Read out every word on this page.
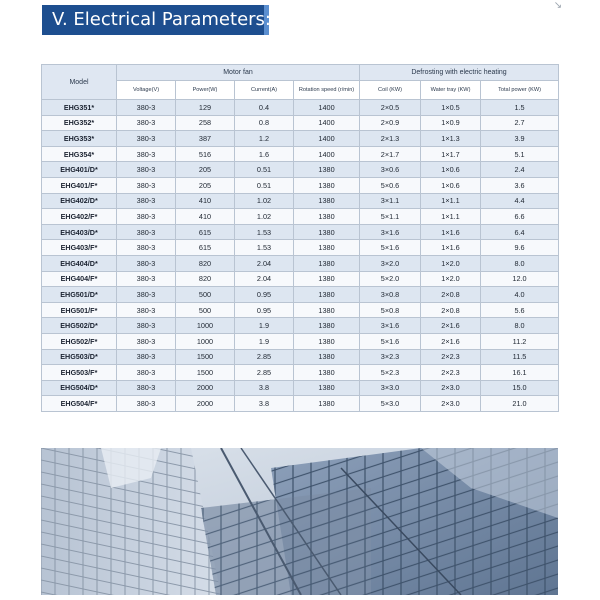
V. Electrical Parameters:
↘
Model	Motor fan				Defrosting with electric heating		
	Voltage(V)	Power(W)	Current(A)	Rotation speed (r/min)	Coil (KW)	Water tray (KW)	Total power (KW)
EHG351*	380-3	129	0.4	1400	2×0.5	1×0.5	1.5
EHG352*	380-3	258	0.8	1400	2×0.9	1×0.9	2.7
EHG353*	380-3	387	1.2	1400	2×1.3	1×1.3	3.9
EHG354*	380-3	516	1.6	1400	2×1.7	1×1.7	5.1
EHG401/D*	380-3	205	0.51	1380	3×0.6	1×0.6	2.4
EHG401/F*	380-3	205	0.51	1380	5×0.6	1×0.6	3.6
EHG402/D*	380-3	410	1.02	1380	3×1.1	1×1.1	4.4
EHG402/F*	380-3	410	1.02	1380	5×1.1	1×1.1	6.6
EHG403/D*	380-3	615	1.53	1380	3×1.6	1×1.6	6.4
EHG403/F*	380-3	615	1.53	1380	5×1.6	1×1.6	9.6
EHG404/D*	380-3	820	2.04	1380	3×2.0	1×2.0	8.0
EHG404/F*	380-3	820	2.04	1380	5×2.0	1×2.0	12.0
EHG501/D*	380-3	500	0.95	1380	3×0.8	2×0.8	4.0
EHG501/F*	380-3	500	0.95	1380	5×0.8	2×0.8	5.6
EHG502/D*	380-3	1000	1.9	1380	3×1.6	2×1.6	8.0
EHG502/F*	380-3	1000	1.9	1380	5×1.6	2×1.6	11.2
EHG503/D*	380-3	1500	2.85	1380	3×2.3	2×2.3	11.5
EHG503/F*	380-3	1500	2.85	1380	5×2.3	2×2.3	16.1
EHG504/D*	380-3	2000	3.8	1380	3×3.0	2×3.0	15.0
EHG504/F*	380-3	2000	3.8	1380	5×3.0	2×3.0	21.0
